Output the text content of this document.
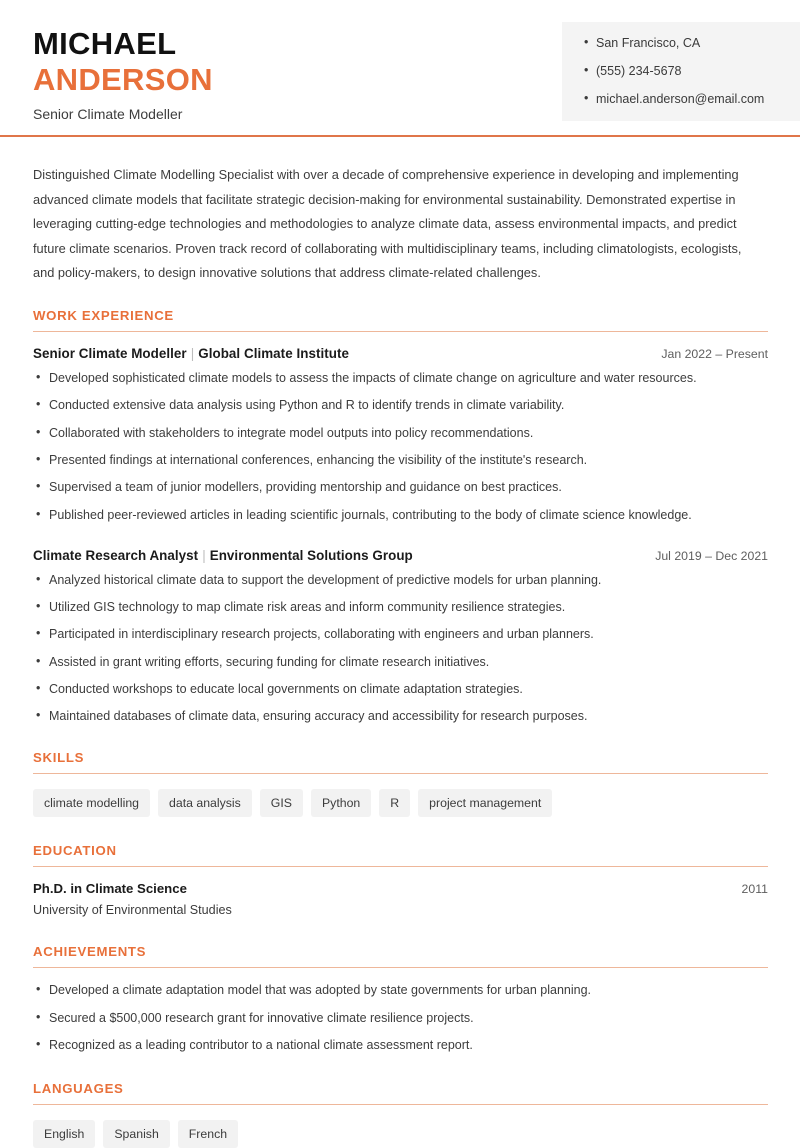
MICHAEL
ANDERSON
Senior Climate Modeller
• San Francisco, CA
• (555) 234-5678
• michael.anderson@email.com

Distinguished Climate Modelling Specialist with over a decade of comprehensive experience in developing and implementing advanced climate models that facilitate strategic decision-making for environmental sustainability. Demonstrated expertise in leveraging cutting-edge technologies and methodologies to analyze climate data, assess environmental impacts, and predict future climate scenarios. Proven track record of collaborating with multidisciplinary teams, including climatologists, ecologists, and policy-makers, to design innovative solutions that address climate-related challenges.

WORK EXPERIENCE
Senior Climate Modeller | Global Climate Institute	Jan 2022 – Present
• Developed sophisticated climate models to assess the impacts of climate change on agriculture and water resources.
• Conducted extensive data analysis using Python and R to identify trends in climate variability.
• Collaborated with stakeholders to integrate model outputs into policy recommendations.
• Presented findings at international conferences, enhancing the visibility of the institute's research.
• Supervised a team of junior modellers, providing mentorship and guidance on best practices.
• Published peer-reviewed articles in leading scientific journals, contributing to the body of climate science knowledge.
Climate Research Analyst | Environmental Solutions Group	Jul 2019 – Dec 2021
• Analyzed historical climate data to support the development of predictive models for urban planning.
• Utilized GIS technology to map climate risk areas and inform community resilience strategies.
• Participated in interdisciplinary research projects, collaborating with engineers and urban planners.
• Assisted in grant writing efforts, securing funding for climate research initiatives.
• Conducted workshops to educate local governments on climate adaptation strategies.
• Maintained databases of climate data, ensuring accuracy and accessibility for research purposes.
SKILLS
climate modelling	data analysis	GIS	Python	R	project management
EDUCATION
Ph.D. in Climate Science	2011
University of Environmental Studies
ACHIEVEMENTS
• Developed a climate adaptation model that was adopted by state governments for urban planning.
• Secured a $500,000 research grant for innovative climate resilience projects.
• Recognized as a leading contributor to a national climate assessment report.
LANGUAGES
English	Spanish	French
